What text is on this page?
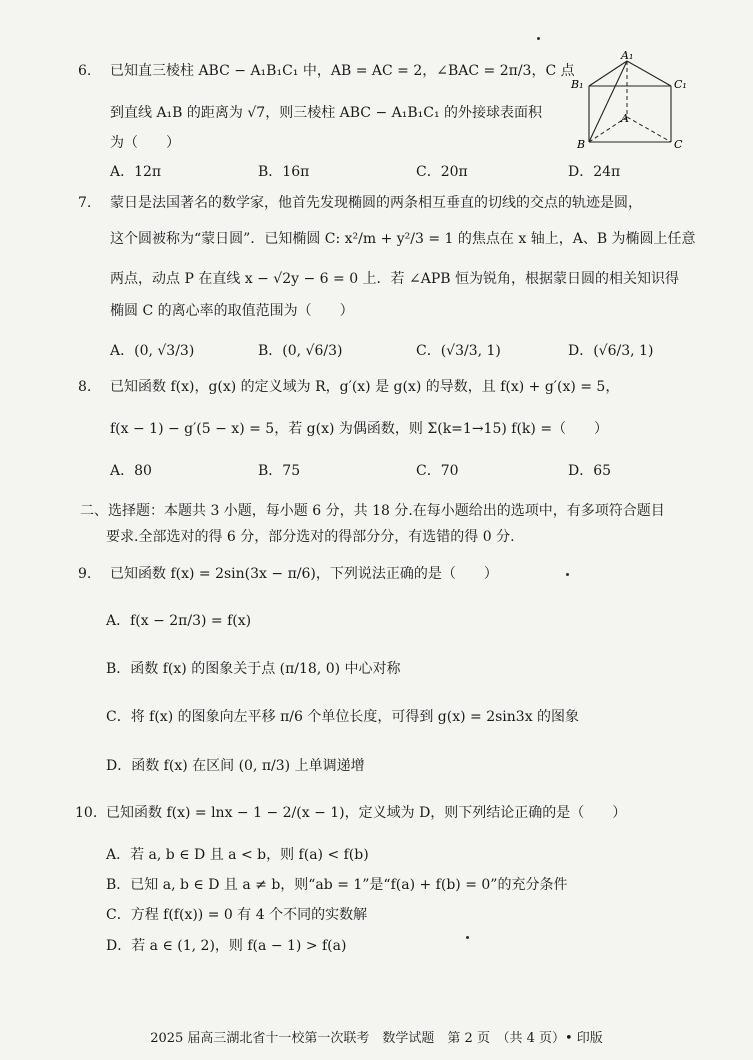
6. 已知直三棱柱 ABC − A₁B₁C₁ 中，AB = AC = 2，∠BAC = 2π/3，C 点
到直线 A₁B 的距离为 √7，则三棱柱 ABC − A₁B₁C₁ 的外接球表面积
为（　　）
A．12π	B．16π	C．20π	D．24π
A₁
B₁	C₁
A
B	C
7. 蒙日是法国著名的数学家，他首先发现椭圆的两条相互垂直的切线的交点的轨迹是圆，
这个圆被称为“蒙日圆”．已知椭圆 C: x²/m + y²/3 = 1 的焦点在 x 轴上，A、B 为椭圆上任意
两点，动点 P 在直线 x − √2y − 6 = 0 上．若 ∠APB 恒为锐角，根据蒙日圆的相关知识得
椭圆 C 的离心率的取值范围为（　　）
A．(0, √3/3)	B．(0, √6/3)	C．(√3/3, 1)	D．(√6/3, 1)
8. 已知函数 f(x)，g(x) 的定义域为 R，g′(x) 是 g(x) 的导数，且 f(x) + g′(x) = 5，
f(x − 1) − g′(5 − x) = 5，若 g(x) 为偶函数，则 Σ(k=1→15) f(k) =（　　）
A．80	B．75	C．70	D．65
二、选择题：本题共 3 小题，每小题 6 分，共 18 分.在每小题给出的选项中，有多项符合题目
要求.全部选对的得 6 分，部分选对的得部分分，有选错的得 0 分.
9. 已知函数 f(x) = 2sin(3x − π/6)，下列说法正确的是（　　）
A．f(x − 2π/3) = f(x)
B．函数 f(x) 的图象关于点 (π/18, 0) 中心对称
C．将 f(x) 的图象向左平移 π/6 个单位长度，可得到 g(x) = 2sin3x 的图象
D．函数 f(x) 在区间 (0, π/3) 上单调递增
10. 已知函数 f(x) = lnx − 1 − 2/(x − 1)，定义域为 D，则下列结论正确的是（　　）
A．若 a, b ∈ D 且 a < b，则 f(a) < f(b)
B．已知 a, b ∈ D 且 a ≠ b，则“ab = 1”是“f(a) + f(b) = 0”的充分条件
C．方程 f(f(x)) = 0 有 4 个不同的实数解
D．若 a ∈ (1, 2)，则 f(a − 1) > f(a)
2025 届高三湖北省十一校第一次联考　数学试题　第 2 页　（共 4 页）• 印版
